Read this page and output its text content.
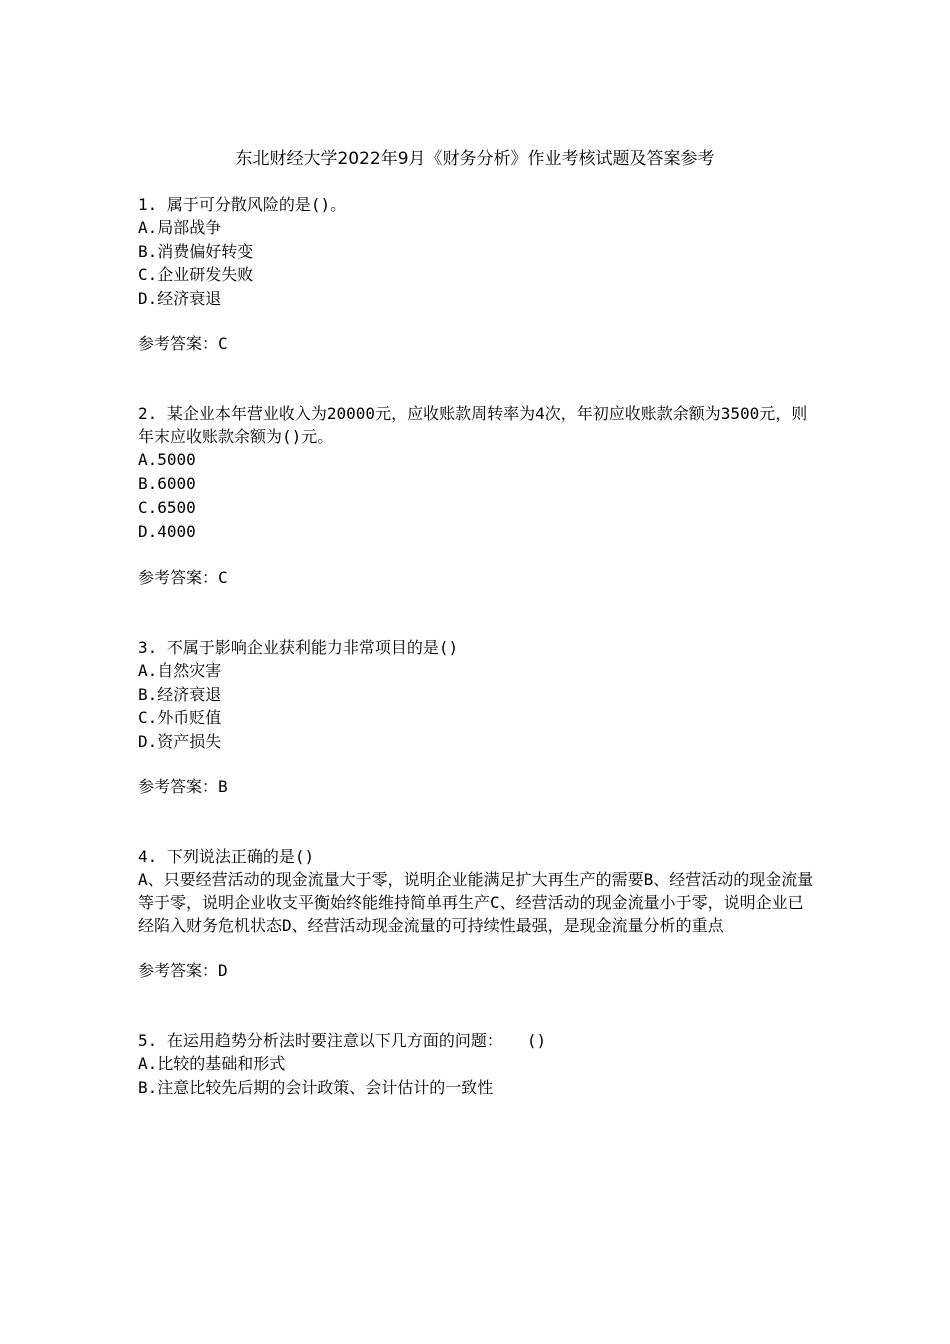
东北财经大学2022年9月《财务分析》作业考核试题及答案参考

1. 属于可分散风险的是()。

A.局部战争

B.消费偏好转变

C.企业研发失败

D.经济衰退

参考答案：C

2. 某企业本年营业收入为20000元，应收账款周转率为4次，年初应收账款余额为3500元，则年末应收账款余额为()元。

A.5000

B.6000

C.6500

D.4000

参考答案：C

3. 不属于影响企业获利能力非常项目的是()

A.自然灾害

B.经济衰退

C.外币贬值

D.资产损失

参考答案：B

4. 下列说法正确的是()

A、只要经营活动的现金流量大于零，说明企业能满足扩大再生产的需要B、经营活动的现金流量等于零，说明企业收支平衡始终能维持简单再生产C、经营活动的现金流量小于零，说明企业已经陷入财务危机状态D、经营活动现金流量的可持续性最强，是现金流量分析的重点

参考答案：D

5. 在运用趋势分析法时要注意以下几方面的问题：　　()

A.比较的基础和形式

B.注意比较先后期的会计政策、会计估计的一致性
